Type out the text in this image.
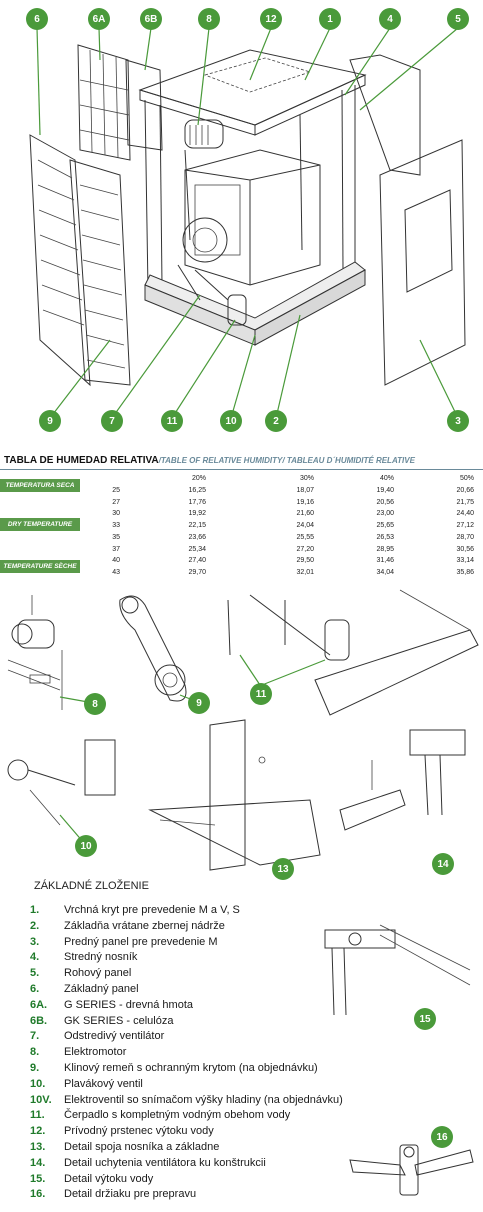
6	6A	6B	8	12	1	4	5
9	7	11	10	2	3
TABLA DE HUMEDAD RELATIVA/TABLE OF RELATIVE HUMIDITY/ TABLEAU D´HUMIDITÉ RELATIVE
20%	30%	40%	50%
TEMPERATURA SECA
DRY TEMPERATURE
TEMPERATURE SÈCHE
25	16,25	18,07	19,40	20,66
27	17,76	19,16	20,56	21,75
30	19,92	21,60	23,00	24,40
33	22,15	24,04	25,65	27,12
35	23,66	25,55	26,53	28,70
37	25,34	27,20	28,95	30,56
40	27,40	29,50	31,46	33,14
43	29,70	32,01	34,04	35,86
8	9
11
10
13	14
15
16
ZÁKLADNÉ ZLOŽENIE
1. Vrchná kryt pre prevedenie M a V, S
2. Základňa vrátane zbernej nádrže
3. Predný panel pre prevedenie M
4. Stredný nosník
5. Rohový panel
6. Základný panel
6A. G SERIES - drevná hmota
6B. GK SERIES - celulóza
7. Odstredivý ventilátor
8. Elektromotor
9. Klinový remeň s ochranným krytom (na objednávku)
10. Plavákový ventil
10V. Elektroventil so snímačom výšky hladiny (na objednávku)
11. Čerpadlo s kompletným vodným obehom vody
12. Prívodný prstenec výtoku vody
13. Detail spoja nosníka a základne
14. Detail uchytenia ventilátora ku konštrukcii
15. Detail výtoku vody
16. Detail držiaku pre prepravu
